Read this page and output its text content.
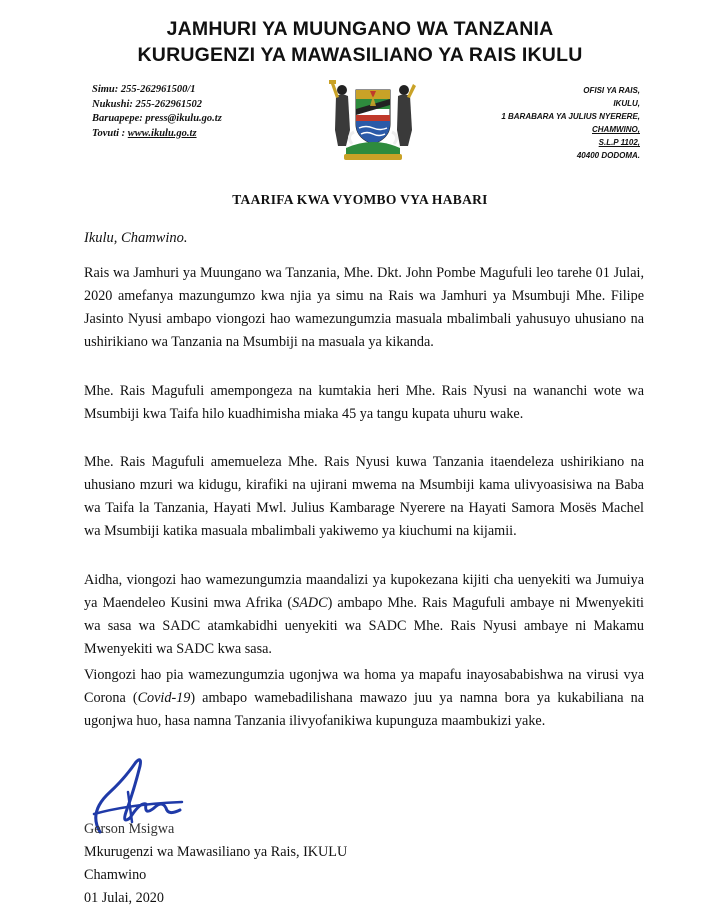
JAMHURI YA MUUNGANO WA TANZANIA
KURUGENZI YA MAWASILIANO YA RAIS IKULU
Simu: 255-262961500/1
Nukushi: 255-262961502
Baruapepe: press@ikulu.go.tz
Tovuti : www.ikulu.go.tz
OFISI YA RAIS,
IKULU,
1 BARABARA YA JULIUS NYERERE,
CHAMWINO,
S.L.P 1102,
40400 DODOMA.
TAARIFA KWA VYOMBO VYA HABARI
Ikulu, Chamwino.

Rais wa Jamhuri ya Muungano wa Tanzania, Mhe. Dkt. John Pombe Magufuli leo tarehe 01 Julai, 2020 amefanya mazungumzo kwa njia ya simu na Rais wa Jamhuri ya Msumbuji Mhe. Filipe Jasinto Nyusi ambapo viongozi hao wamezungumzia masuala mbalimbali yahusuyo uhusiano na ushirikiano wa Tanzania na Msumbiji na masuala ya kikanda.

Mhe. Rais Magufuli amempongeza na kumtakia heri Mhe. Rais Nyusi na wananchi wote wa Msumbiji kwa Taifa hilo kuadhimisha miaka 45 ya tangu kupata uhuru wake.

Mhe. Rais Magufuli amemueleza Mhe. Rais Nyusi kuwa Tanzania itaendeleza ushirikiano na uhusiano mzuri wa kidugu, kirafiki na ujirani mwema na Msumbiji kama ulivyoasisiwa na Baba wa Taifa la Tanzania, Hayati Mwl. Julius Kambarage Nyerere na Hayati Samora Mosës Machel wa Msumbiji katika masuala mbalimbali yakiwemo ya kiuchumi na kijamii.

Aidha, viongozi hao wamezungumzia maandalizi ya kupokezana kijiti cha uenyekiti wa Jumuiya ya Maendeleo Kusini mwa Afrika (SADC) ambapo Mhe. Rais Magufuli ambaye ni Mwenyekiti wa sasa wa SADC atamkabidhi uenyekiti wa SADC Mhe. Rais Nyusi ambaye ni Makamu Mwenyekiti wa SADC kwa sasa.

Viongozi hao pia wamezungumzia ugonjwa wa homa ya mapafu inayosababishwa na virusi vya Corona (Covid-19) ambapo wamebadilishana mawazo juu ya namna bora ya kukabiliana na ugonjwa huo, hasa namna Tanzania ilivyofanikiwa kupunguza maambukizi yake.

Gerson Msigwa
Mkurugenzi wa Mawasiliano ya Rais, IKULU
Chamwino
01 Julai, 2020
